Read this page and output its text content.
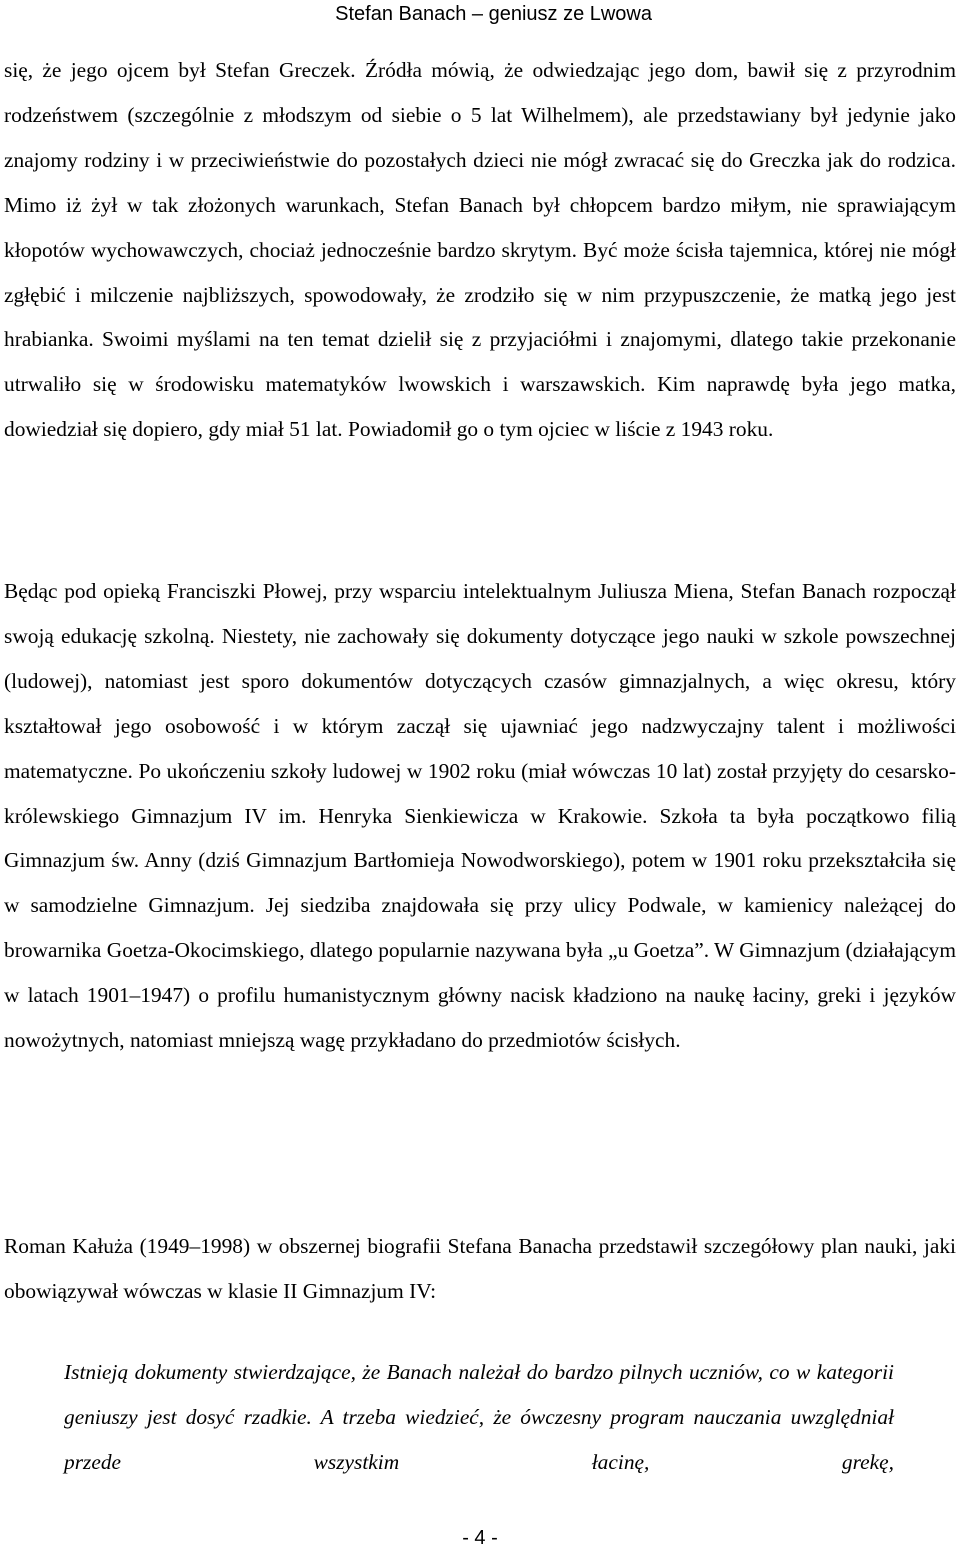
Stefan Banach – geniusz ze Lwowa

się, że jego ojcem był Stefan Greczek. Źródła mówią, że odwiedzając jego dom, bawił się z przyrodnim rodzeństwem (szczególnie z młodszym od siebie o 5 lat Wilhelmem), ale przedstawiany był jedynie jako znajomy rodziny i w przeciwieństwie do pozostałych dzieci nie mógł zwracać się do Greczka jak do rodzica. Mimo iż żył w tak złożonych warunkach, Stefan Banach był chłopcem bardzo miłym, nie sprawiającym kłopotów wychowawczych, chociaż jednocześnie bardzo skrytym. Być może ścisła tajemnica, której nie mógł zgłębić i milczenie najbliższych, spowodowały, że zrodziło się w nim przypuszczenie, że matką jego jest hrabianka. Swoimi myślami na ten temat dzielił się z przyjaciółmi i znajomymi, dlatego takie przekonanie utrwaliło się w środowisku matematyków lwowskich i warszawskich. Kim naprawdę była jego matka, dowiedział się dopiero, gdy miał 51 lat. Powiadomił go o tym ojciec w liście z 1943 roku.

Będąc pod opieką Franciszki Płowej, przy wsparciu intelektualnym Juliusza Miena, Stefan Banach rozpoczął swoją edukację szkolną. Niestety, nie zachowały się dokumenty dotyczące jego nauki w szkole powszechnej (ludowej), natomiast jest sporo dokumentów dotyczących czasów gimnazjalnych, a więc okresu, który kształtował jego osobowość i w którym zaczął się ujawniać jego nadzwyczajny talent i możliwości matematyczne. Po ukończeniu szkoły ludowej w 1902 roku (miał wówczas 10 lat) został przyjęty do cesarsko-królewskiego Gimnazjum IV im. Henryka Sienkiewicza w Krakowie. Szkoła ta była początkowo filią Gimnazjum św. Anny (dziś Gimnazjum Bartłomieja Nowodworskiego), potem w 1901 roku przekształciła się w samodzielne Gimnazjum. Jej siedziba znajdowała się przy ulicy Podwale, w kamienicy należącej do browarnika Goetza-Okocimskiego, dlatego popularnie nazywana była „u Goetza”. W Gimnazjum (działającym w latach 1901–1947) o profilu humanistycznym główny nacisk kładziono na naukę łaciny, greki i języków nowożytnych, natomiast mniejszą wagę przykładano do przedmiotów ścisłych.

Roman Kałuża (1949–1998) w obszernej biografii Stefana Banacha przedstawił szczegółowy plan nauki, jaki obowiązywał wówczas w klasie II Gimnazjum IV:

Istnieją dokumenty stwierdzające, że Banach należał do bardzo pilnych uczniów, co w kategorii geniuszy jest dosyć rzadkie. A trzeba wiedzieć, że ówczesny program nauczania uwzględniał przede wszystkim łacinę, grekę,

- 4 -
